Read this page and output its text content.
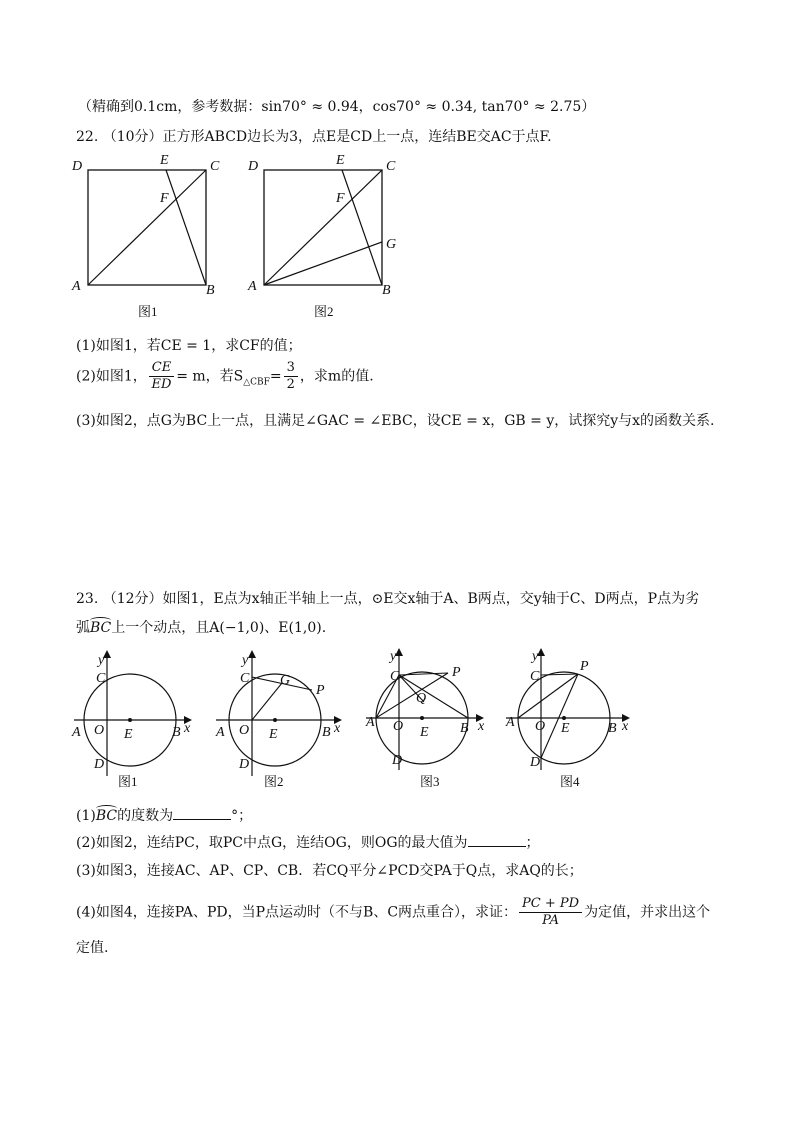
（精确到0.1cm，参考数据：sin70° ≈ 0.94，cos70° ≈ 0.34, tan70° ≈ 2.75）
22. （10分）正方形ABCD边长为3，点E是CD上一点，连结BE交AC于点F.
D	E	C
F
A	B
图1
D	E	C
F
G
A	B
图2
(1)如图1，若CE = 1，求CF的值；
(2)如图1， $\frac{CE}{ED} = m$，若$S_{\triangle CBF}= \frac{3}{2}$ ，求m的值.
(3)如图2，点G为BC上一点，且满足∠GAC = ∠EBC，设CE = x，GB = y，试探究y与x的函数关系.
23. （12分）如图1，E点为x轴正半轴上一点，⊙E交x轴于A、B两点，交y轴于C、D两点，P点为劣
弧BC上一个动点，且A(−1,0)、E(1,0).
y
x
C
A O E	B
D
图1
y
x
C G
P
A O E	B
D
图2
y
x
C	P
Q
A O E B
D
图3
y
x
C
P
A O E	B
D
图4
(1)BC的度数为	°；
(2)如图2，连结PC，取PC中点G，连结OG，则OG的最大值为	；
(3)如图3，连接AC、AP、CP、CB．若CQ平分∠PCD交PA于Q点，求AQ的长；
(4)如图4，连接PA、PD，当P点运动时（不与B、C两点重合），求证： $\frac{PC + PD}{PA}$ 为定值，并求出这个
定值.
